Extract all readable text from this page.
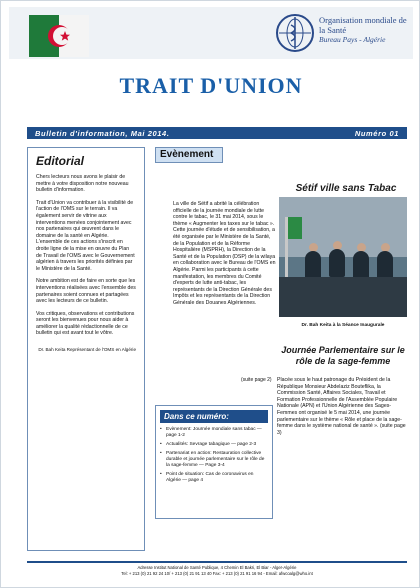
Organisation mondiale de la Santé
Bureau Pays - Algérie
TRAIT D'UNION
Bulletin d'information, Mai 2014.	Numéro 01
Editorial

Chers lecteurs nous avons le plaisir de mettre à votre disposition notre nouveau bulletin d'information.

Trait d'Union va contribuer à la visibilité de l'action de l'OMS sur le terrain. Il va également servir de vitrine aux interventions menées conjointement avec nos partenaires qui œuvrent dans le domaine de la santé en Algérie. L'ensemble de ces actions s'inscrit en droite ligne de la mise en œuvre du Plan de Travail de l'OMS avec le Gouvernement algérien à travers les priorités définies par le Ministère de la Santé.

Notre ambition est de faire en sorte que les interventions réalisées avec l'ensemble des partenaires soient connues et partagées avec les lecteurs de ce bulletin.

Vos critiques, observations et contributions seront les bienvenues pour nous aider à améliorer la qualité rédactionnelle de ce bulletin qui est avant tout le vôtre.

Dr. Bah Keita Représentant de l'OMS en Algérie
Evènement
La ville de Sétif a abrité la célébration officielle de la journée mondiale de lutte contre le tabac, le 31 mai 2014, sous le thème « Augmenter les taxes sur le tabac ». Cette journée d'étude et de sensibilisation, a été organisée par le Ministère de la Santé, de la Population et de la Réforme Hospitalière (MSPRH), la Direction de la Santé et de la Population (DSP) de la wilaya en collaboration avec le Bureau de l'OMS en Algérie. Parmi les participants à cette manifestation, les membres du Comité d'experts de lutte anti-tabac, les représentants de la Direction Générale des Impôts et les représentants de la Direction Générale des Douanes Algériennes.
(suite page 2)
Sétif ville sans Tabac
Dr. Bah Keita à la Séance Inaugurale
Journée Parlementaire sur le rôle de la sage-femme
Placée sous le haut patronage du Président de la République Monsieur Abdelaziz Bouteflika, la Commission Santé, Affaires Sociales, Travail et Formation Professionnelle de l'Assemblée Populaire Nationale (APN) et l'Union Algérienne des Sages-Femmes ont organisé le 5 mai 2014, une journée parlementaire sur le thème « Rôle et place de la sage-femme dans le système national de santé ». (suite page 3)
Dans ce numéro:
• Evènement: Journée mondiale sans tabac — page 1-2
• Actualités: Sevrage tabagique — page 2-3
• Partenariat en action: Restauration collective durable et journée parlementaire sur le rôle de la sage-femme — Page 3-4
• Point de situation: Cas de coronavirus en Algérie — page 4
Adresse Institut National de Santé Publique, 4 Chemin El Bakri, El Biar - Alger-Algérie
Tel: + 213 (0) 21 92 24 10/ + 213 (0) 21 91 13 40 Fax: + 213 (0) 21 91 16 94 - Email: afwcoalg@who.int
